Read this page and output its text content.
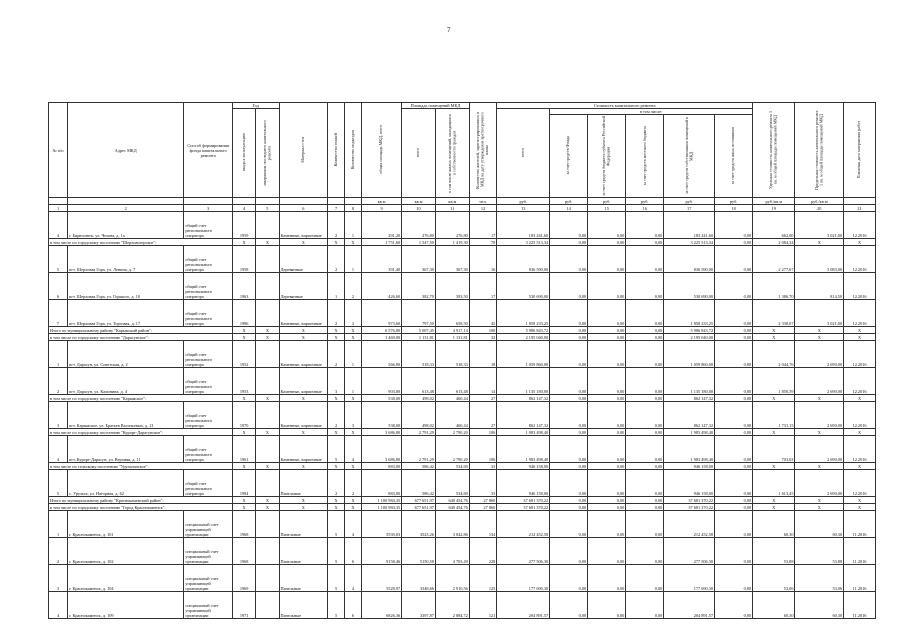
7
№ п/п	Адрес МКД	Способ формирования фонда капитального ремонта	Год		Материал стен	Количество этажей	Количество подъездов	общая площадь МКД, всего	Площадь помещений МКД		Количество жителей, зарегистрированных в МКД на дату утверждения краткосрочного плана	Стоимость капитального ремонта						Удельная стоимость капитального ремонта 1 кв. м общей площади помещений МКД	Предельная стоимость капитального ремонта 1 кв. м общей площади помещений МКД	Плановая дата завершения работ
			ввода в эксплуатацию	завершения последнего капитального ремонта					всего	в том числе жилых помещений, находящихся в собственности граждан		всего	в том числе:							
													за счет средств Фонда	за счет средств бюджета субъекта Российской Федерации	за счет средств местного бюджета	за счет средств собственников помещений в МКД	за счет средств иных источников			
								кв.м	кв.м	кв.м	чел.	руб.	руб.	руб.	руб.	руб.	руб.	руб./кв.м	руб./кв.м	
1	2	3	4	5	6	7	8	9	10	11	12	13	14	15	16	17	18	19	20	21
4	г. Бирюсинск, ул. Чехова, д. 1а	общий счет регионального оператора	1959		Каменные, кирпичные	2	1	291,20	276,80	276,80	17	183 241,60	0,00	0,00	0,00	183 241,60	0,00	662,00	3 021,00	12.2016
в том числе по городскому поселению "Шерловогорское":			X	X	X	X	X	1 751,60	1 547,50	1 419,30	78	3 225 513,34	0,00	0,00	0,00	3 225 513,34	0,00	2 084,34	X	X
5	пгт. Шерловая Гора, ул. Ленина, д. 7	общий счет регионального оператора	1958		Деревянные	2	1	391,40	367,30	367,30	16	836 590,00	0,00	0,00	0,00	836 590,00	0,00	2 277,67	3 083,00	12.2016
6	пгт. Шерловая Гора, ул. Горького, д. 10	общий счет регионального оператора	1963		Деревянные	1	2	426,60	382,70	393,50	17	530 690,00	0,00	0,00	0,00	530 690,00	0,00	1 386,70	814,50	12.2016
7	пгт. Шерловая Гора, ул. Торговая, д. 17	общий счет регионального оператора	1986		Каменные, кирпичные	2	3	973,60	797,50	658,50	45	1 858 233,25	0,00	0,00	0,00	1 858 233,25	0,00	2 330,07	3 021,00	12.2016
Итого по муниципальному району "Карымский район":			X	X	X	X	X	6 576,80	5 007,45	4 917,14	100	5 986 843,72	0,00	0,00	0,00	5 986 843,72	0,00	X	X	X
в том числе по городскому поселению "Дарасунское":			X	X	X	X	X	1 469,00	1 131,81	1 131,81	32	2 195 040,00	0,00	0,00	0,00	2 195 040,00	0,00	X	X	X
1	пгт. Дарасун, ул. Советская, д. 2	общий счет регионального оператора	1952		Каменные, кирпичные	2	1	566,00	518,33	518,33	18	1 059 860,00	0,00	0,00	0,00	1 059 860,00	0,00	2 044,76	2 690,00	12.2016
2	пгт. Дарасун, ул. Калинина, д. 4	общий счет регионального оператора	1953		Каменные, кирпичные	3	1	903,00	613,48	613,48	14	1 135 180,00	0,00	0,00	0,00	1 135 180,00	0,00	1 850,39	2 690,00	12.2016
в том числе по городскому поселению "Карымское":			X	X	X	X	X	538,00	498,02	460,44	27	862 147,32	0,00	0,00	0,00	862 147,32	0,00	X	X	X
3	пгт. Карымское, ул. Братьев Васильевых, д. 21	общий счет регионального оператора	1970		Каменные, кирпичные	2	3	538,00	498,02	460,44	27	862 147,32	0,00	0,00	0,00	862 147,32	0,00	1 731,15	2 690,00	12.2016
в том числе по городскому поселению "Курорт-Дарасунское":			X	X	X	X	X	3 686,80	2 791,29	2 790,20	106	1 983 498,40	0,00	0,00	0,00	1 983 498,40	0,00	X	X	X
4	пгт. Курорт-Дарасун, ул. Верхняя, д. 11	общий счет регионального оператора	1961		Каменные, кирпичные	5	4	3 686,80	2 791,29	2 790,20	106	1 983 498,40	0,00	0,00	0,00	1 983 498,40	0,00	703,63	2 690,00	12.2016
в том числе по сельскому поселению "Урульгинское":			X	X	X	X	X	883,00	586,42	534,69	33	946 158,00	0,00	0,00	0,00	946 158,00	0,00	X	X	X
5	с. Урульга, ул. Нагорная, д. 62	общий счет регионального оператора	1984		Панельные	2	2	883,00	586,42	534,69	33	946 158,00	0,00	0,00	0,00	946 158,00	0,00	1 613,45	2 690,00	12.2016
Итого по муниципальному району "Краснокаменский район":			X	X	X	X	X	1 100 984,35	677 651,97	640 454,76	27 860	37 681 370,22	0,00	0,00	0,00	37 681 370,22	0,00	X	X	X
в том числе по городскому поселению "Город Краснокаменск":			X	X	X	X	X	1 100 984,35	677 651,97	640 454,76	27 860	37 681 370,22	0,00	0,00	0,00	37 681 370,22	0,00	X	X	X
1	г. Краснокаменск, д. 101	специальный счет управляющей организации	1968		Панельные	5	4	5539,03	3523,26	3 042,86	134	212 452,58	0,00	0,00	0,00	212 452,58	0,00	60,30	60,30	11.2016
2	г. Краснокаменск, д. 102	специальный счет управляющей организации	1968		Панельные	5	6	9158,46	5150,58	4 703,49	228	277 506,30	0,00	0,00	0,00	277 506,30	0,00	53,88	53,88	11.2016
3	г. Краснокаменск, д. 104	специальный счет управляющей организации	1969		Панельные	5	4	5528,97	3348,66	2 910,56	125	177 690,30	0,00	0,00	0,00	177 690,30	0,00	53,06	53,06	11.2016
4	г. Краснокаменск, д. 109	специальный счет управляющей организации	1971		Панельные	5	6	6826,36	3397,87	2 884,72	121	204 891,57	0,00	0,00	0,00	204 891,57	0,00	60,30	60,30	11.2016
